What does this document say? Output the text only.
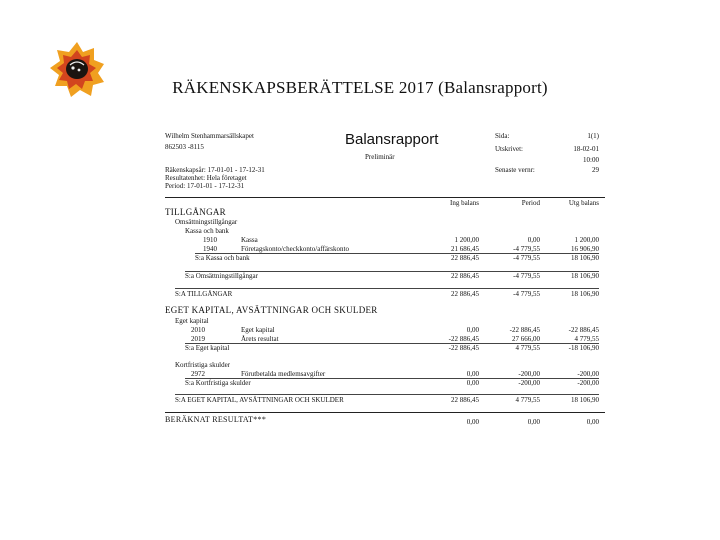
RÄKENSKAPSBERÄTTELSE 2017 (Balansrapport)
Wilhelm Stenhammarsällskapet
862503 -8115
Räkenskapsår: 17-01-01 - 17-12-31
Resultatenhet: Hela företaget
Period: 17-01-01 - 17-12-31
Balansrapport
Preliminär
Sida:	1(1)
Utskrivet:	18-02-01
10:00
Senaste vernr:	29
Ing balans	Period	Utg balans
TILLGÅNGAR
Omsättningstillgångar
Kassa och bank
1910	Kassa	1 200,00	0,00	1 200,00
1940	Företagskonto/checkkonto/affärskonto	21 686,45	-4 779,55	16 906,90
S:a Kassa och bank	22 886,45	-4 779,55	18 106,90
S:a Omsättningstillgångar	22 886,45	-4 779,55	18 106,90
S:A TILLGÅNGAR	22 886,45	-4 779,55	18 106,90
EGET KAPITAL, AVSÄTTNINGAR OCH SKULDER
Eget kapital
2010	Eget kapital	0,00	-22 886,45	-22 886,45
2019	Årets resultat	-22 886,45	27 666,00	4 779,55
S:a Eget kapital	-22 886,45	4 779,55	-18 106,90
Kortfristiga skulder
2972	Förutbetalda medlemsavgifter	0,00	-200,00	-200,00
S:a Kortfristiga skulder	0,00	-200,00	-200,00
S:A EGET KAPITAL, AVSÄTTNINGAR OCH SKULDER	22 886,45	4 779,55	18 106,90
BERÄKNAT RESULTAT***	0,00	0,00	0,00
